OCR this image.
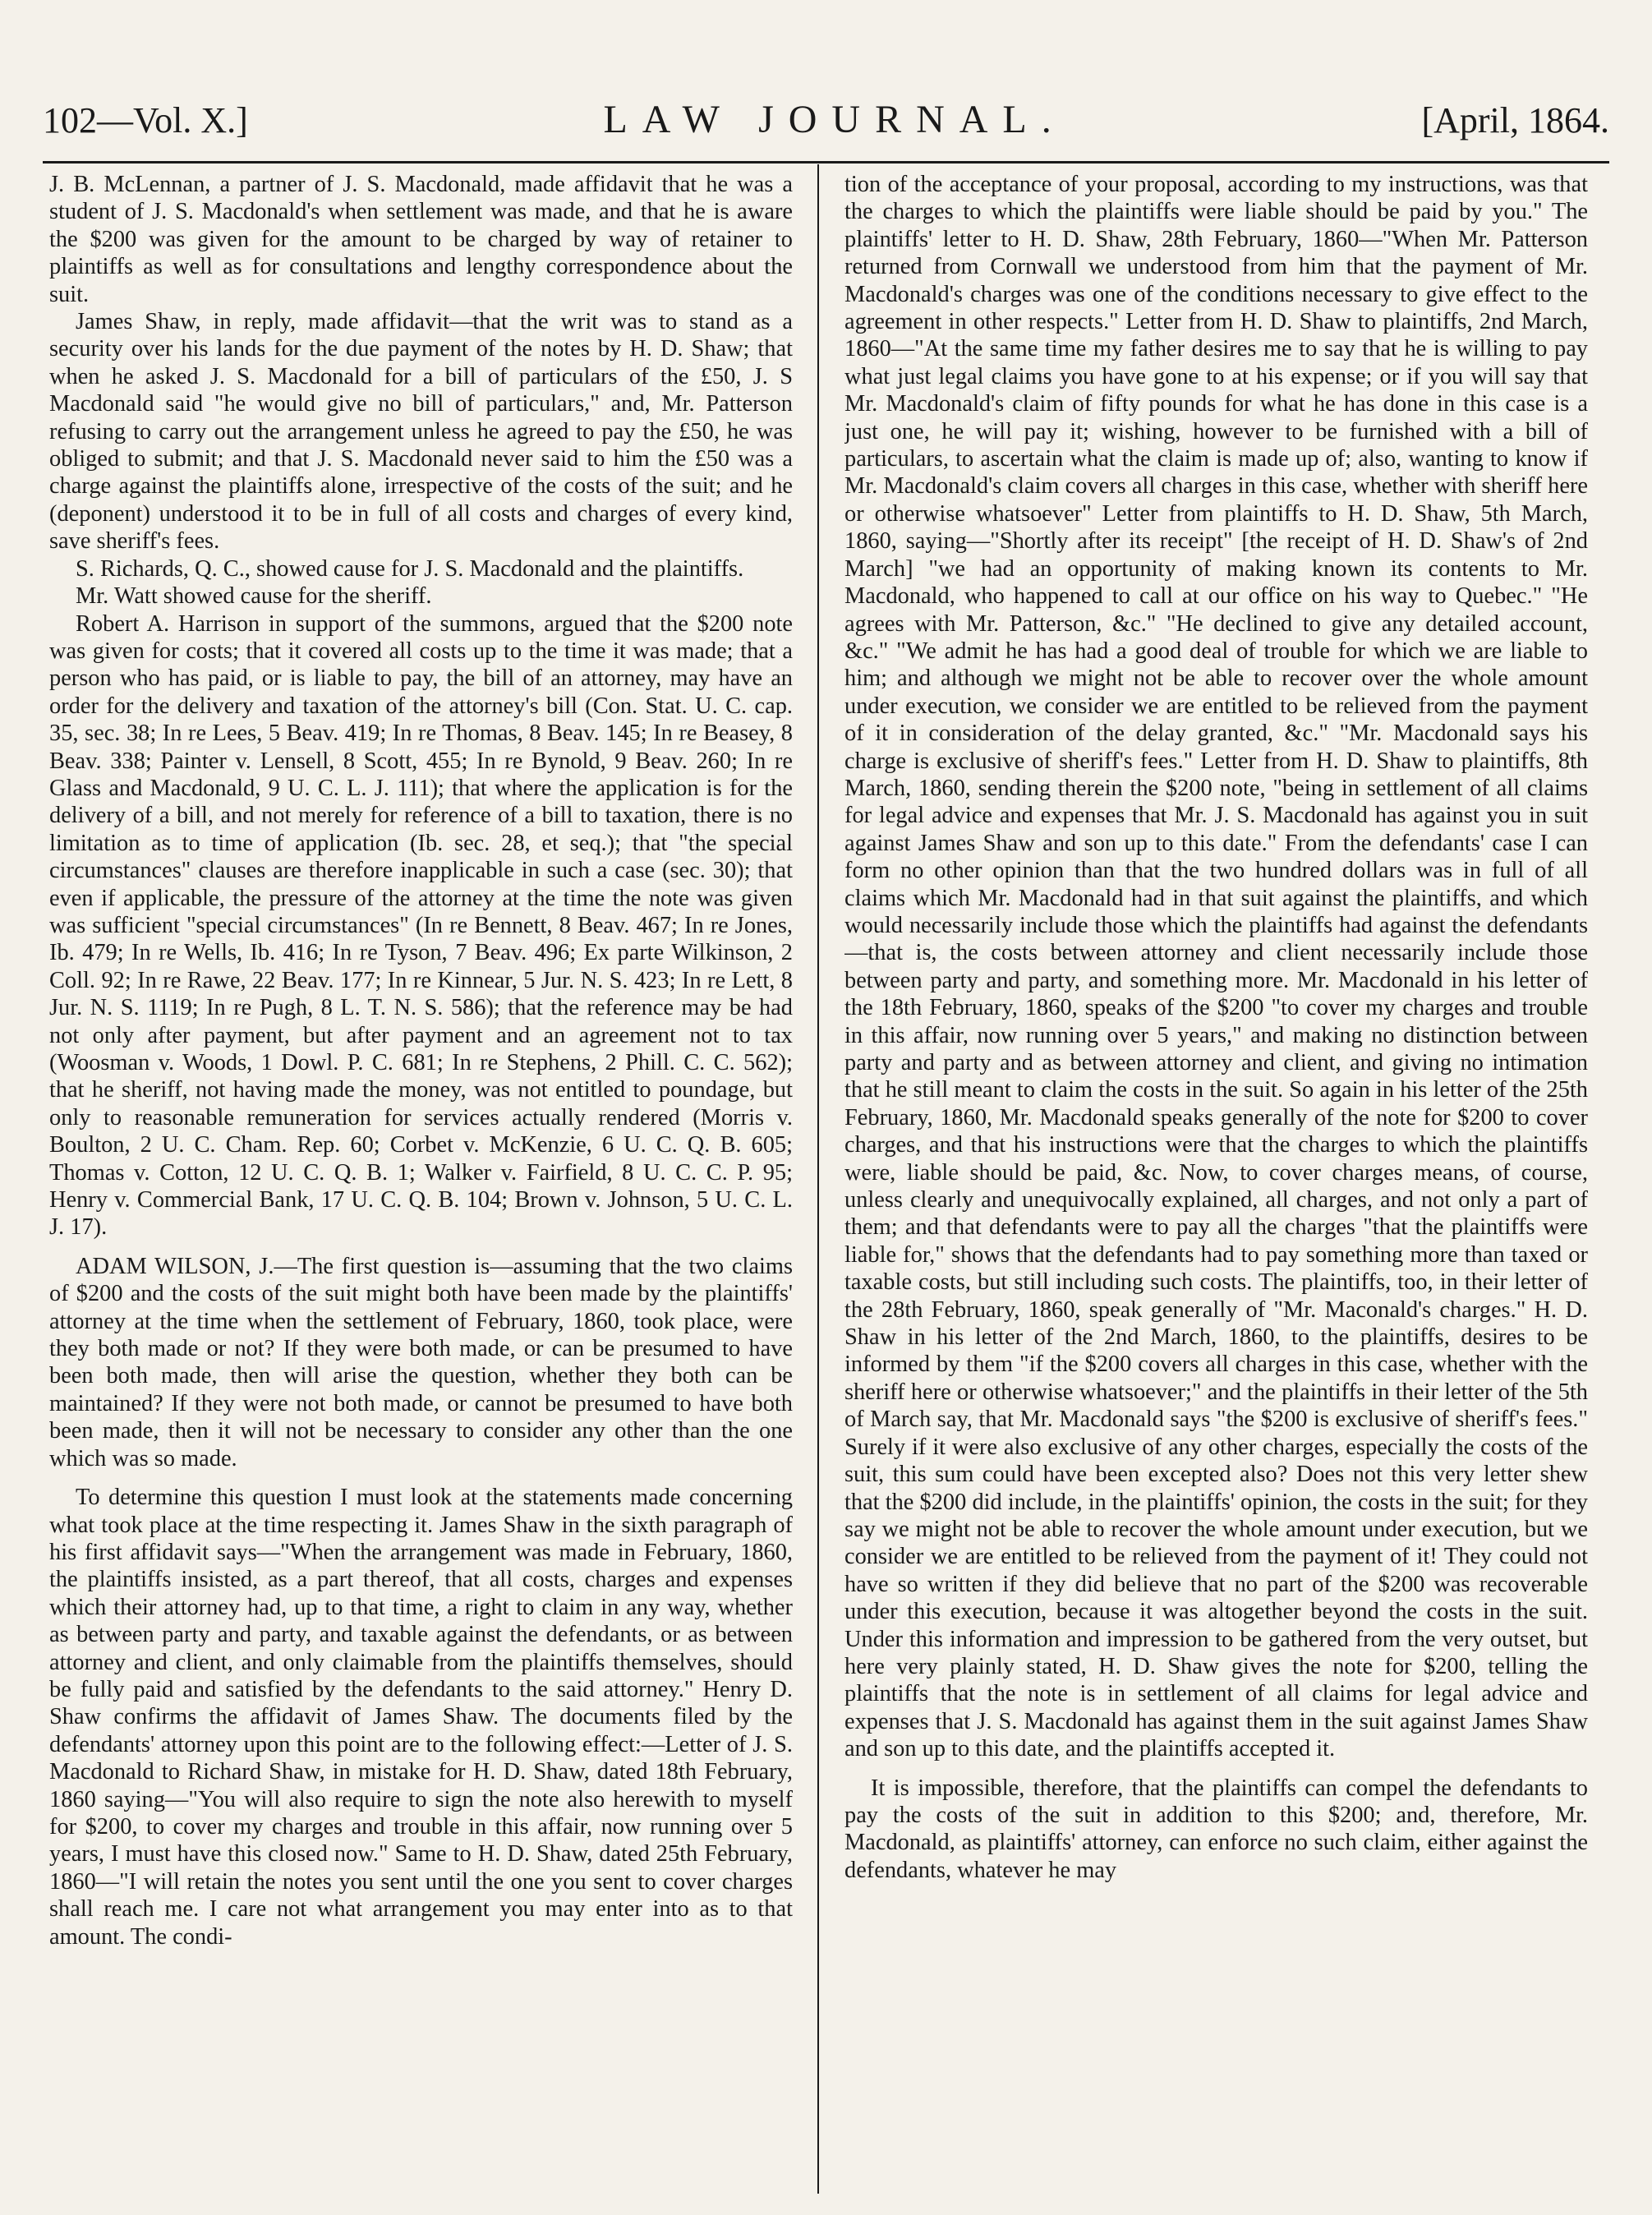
102—Vol. X.]	LAW JOURNAL.	[April, 1864.

J. B. McLennan, a partner of J. S. Macdonald, made affidavit that he was a student of J. S. Macdonald's when settlement was made, and that he is aware the $200 was given for the amount to be charged by way of retainer to plaintiffs as well as for consultations and lengthy correspondence about the suit.

James Shaw, in reply, made affidavit—that the writ was to stand as a security over his lands for the due payment of the notes by H. D. Shaw; that when he asked J. S. Macdonald for a bill of particulars of the £50, J. S Macdonald said "he would give no bill of particulars," and, Mr. Patterson refusing to carry out the arrangement unless he agreed to pay the £50, he was obliged to submit; and that J. S. Macdonald never said to him the £50 was a charge against the plaintiffs alone, irrespective of the costs of the suit; and he (deponent) understood it to be in full of all costs and charges of every kind, save sheriff's fees.

S. Richards, Q. C., showed cause for J. S. Macdonald and the plaintiffs.

Mr. Watt showed cause for the sheriff.

Robert A. Harrison in support of the summons, argued that the $200 note was given for costs; that it covered all costs up to the time it was made; that a person who has paid, or is liable to pay, the bill of an attorney, may have an order for the delivery and taxation of the attorney's bill (Con. Stat. U. C. cap. 35, sec. 38; In re Lees, 5 Beav. 419; In re Thomas, 8 Beav. 145; In re Beasey, 8 Beav. 338; Painter v. Lensell, 8 Scott, 455; In re Bynold, 9 Beav. 260; In re Glass and Macdonald, 9 U. C. L. J. 111); that where the application is for the delivery of a bill, and not merely for reference of a bill to taxation, there is no limitation as to time of application (Ib. sec. 28, et seq.); that "the special circumstances" clauses are therefore inapplicable in such a case (sec. 30); that even if applicable, the pressure of the attorney at the time the note was given was sufficient "special circumstances" (In re Bennett, 8 Beav. 467; In re Jones, Ib. 479; In re Wells, Ib. 416; In re Tyson, 7 Beav. 496; Ex parte Wilkinson, 2 Coll. 92; In re Rawe, 22 Beav. 177; In re Kinnear, 5 Jur. N. S. 423; In re Lett, 8 Jur. N. S. 1119; In re Pugh, 8 L. T. N. S. 586); that the reference may be had not only after payment, but after payment and an agreement not to tax (Woosman v. Woods, 1 Dowl. P. C. 681; In re Stephens, 2 Phill. C. C. 562); that he sheriff, not having made the money, was not entitled to poundage, but only to reasonable remuneration for services actually rendered (Morris v. Boulton, 2 U. C. Cham. Rep. 60; Corbet v. McKenzie, 6 U. C. Q. B. 605; Thomas v. Cotton, 12 U. C. Q. B. 1; Walker v. Fairfield, 8 U. C. C. P. 95; Henry v. Commercial Bank, 17 U. C. Q. B. 104; Brown v. Johnson, 5 U. C. L. J. 17).

ADAM WILSON, J.—The first question is—assuming that the two claims of $200 and the costs of the suit might both have been made by the plaintiffs' attorney at the time when the settlement of February, 1860, took place, were they both made or not? If they were both made, or can be presumed to have been both made, then will arise the question, whether they both can be maintained? If they were not both made, or cannot be presumed to have both been made, then it will not be necessary to consider any other than the one which was so made.

To determine this question I must look at the statements made concerning what took place at the time respecting it. James Shaw in the sixth paragraph of his first affidavit says—"When the arrangement was made in February, 1860, the plaintiffs insisted, as a part thereof, that all costs, charges and expenses which their attorney had, up to that time, a right to claim in any way, whether as between party and party, and taxable against the defendants, or as between attorney and client, and only claimable from the plaintiffs themselves, should be fully paid and satisfied by the defendants to the said attorney." Henry D. Shaw confirms the affidavit of James Shaw. The documents filed by the defendants' attorney upon this point are to the following effect:—Letter of J. S. Macdonald to Richard Shaw, in mistake for H. D. Shaw, dated 18th February, 1860 saying—"You will also require to sign the note also herewith to myself for $200, to cover my charges and trouble in this affair, now running over 5 years, I must have this closed now." Same to H. D. Shaw, dated 25th February, 1860—"I will retain the notes you sent until the one you sent to cover charges shall reach me. I care not what arrangement you may enter into as to that amount. The condi-

tion of the acceptance of your proposal, according to my instructions, was that the charges to which the plaintiffs were liable should be paid by you." The plaintiffs' letter to H. D. Shaw, 28th February, 1860—"When Mr. Patterson returned from Cornwall we understood from him that the payment of Mr. Macdonald's charges was one of the conditions necessary to give effect to the agreement in other respects." Letter from H. D. Shaw to plaintiffs, 2nd March, 1860—"At the same time my father desires me to say that he is willing to pay what just legal claims you have gone to at his expense; or if you will say that Mr. Macdonald's claim of fifty pounds for what he has done in this case is a just one, he will pay it; wishing, however to be furnished with a bill of particulars, to ascertain what the claim is made up of; also, wanting to know if Mr. Macdonald's claim covers all charges in this case, whether with sheriff here or otherwise whatsoever" Letter from plaintiffs to H. D. Shaw, 5th March, 1860, saying—"Shortly after its receipt" [the receipt of H. D. Shaw's of 2nd March] "we had an opportunity of making known its contents to Mr. Macdonald, who happened to call at our office on his way to Quebec." "He agrees with Mr. Patterson, &c." "He declined to give any detailed account, &c." "We admit he has had a good deal of trouble for which we are liable to him; and although we might not be able to recover over the whole amount under execution, we consider we are entitled to be relieved from the payment of it in consideration of the delay granted, &c." "Mr. Macdonald says his charge is exclusive of sheriff's fees." Letter from H. D. Shaw to plaintiffs, 8th March, 1860, sending therein the $200 note, "being in settlement of all claims for legal advice and expenses that Mr. J. S. Macdonald has against you in suit against James Shaw and son up to this date." From the defendants' case I can form no other opinion than that the two hundred dollars was in full of all claims which Mr. Macdonald had in that suit against the plaintiffs, and which would necessarily include those which the plaintiffs had against the defendants—that is, the costs between attorney and client necessarily include those between party and party, and something more. Mr. Macdonald in his letter of the 18th February, 1860, speaks of the $200 "to cover my charges and trouble in this affair, now running over 5 years," and making no distinction between party and party and as between attorney and client, and giving no intimation that he still meant to claim the costs in the suit. So again in his letter of the 25th February, 1860, Mr. Macdonald speaks generally of the note for $200 to cover charges, and that his instructions were that the charges to which the plaintiffs were, liable should be paid, &c. Now, to cover charges means, of course, unless clearly and unequivocally explained, all charges, and not only a part of them; and that defendants were to pay all the charges "that the plaintiffs were liable for," shows that the defendants had to pay something more than taxed or taxable costs, but still including such costs. The plaintiffs, too, in their letter of the 28th February, 1860, speak generally of "Mr. Maconald's charges." H. D. Shaw in his letter of the 2nd March, 1860, to the plaintiffs, desires to be informed by them "if the $200 covers all charges in this case, whether with the sheriff here or otherwise whatsoever;" and the plaintiffs in their letter of the 5th of March say, that Mr. Macdonald says "the $200 is exclusive of sheriff's fees." Surely if it were also exclusive of any other charges, especially the costs of the suit, this sum could have been excepted also? Does not this very letter shew that the $200 did include, in the plaintiffs' opinion, the costs in the suit; for they say we might not be able to recover the whole amount under execution, but we consider we are entitled to be relieved from the payment of it! They could not have so written if they did believe that no part of the $200 was recoverable under this execution, because it was altogether beyond the costs in the suit. Under this information and impression to be gathered from the very outset, but here very plainly stated, H. D. Shaw gives the note for $200, telling the plaintiffs that the note is in settlement of all claims for legal advice and expenses that J. S. Macdonald has against them in the suit against James Shaw and son up to this date, and the plaintiffs accepted it.

It is impossible, therefore, that the plaintiffs can compel the defendants to pay the costs of the suit in addition to this $200; and, therefore, Mr. Macdonald, as plaintiffs' attorney, can enforce no such claim, either against the defendants, whatever he may
